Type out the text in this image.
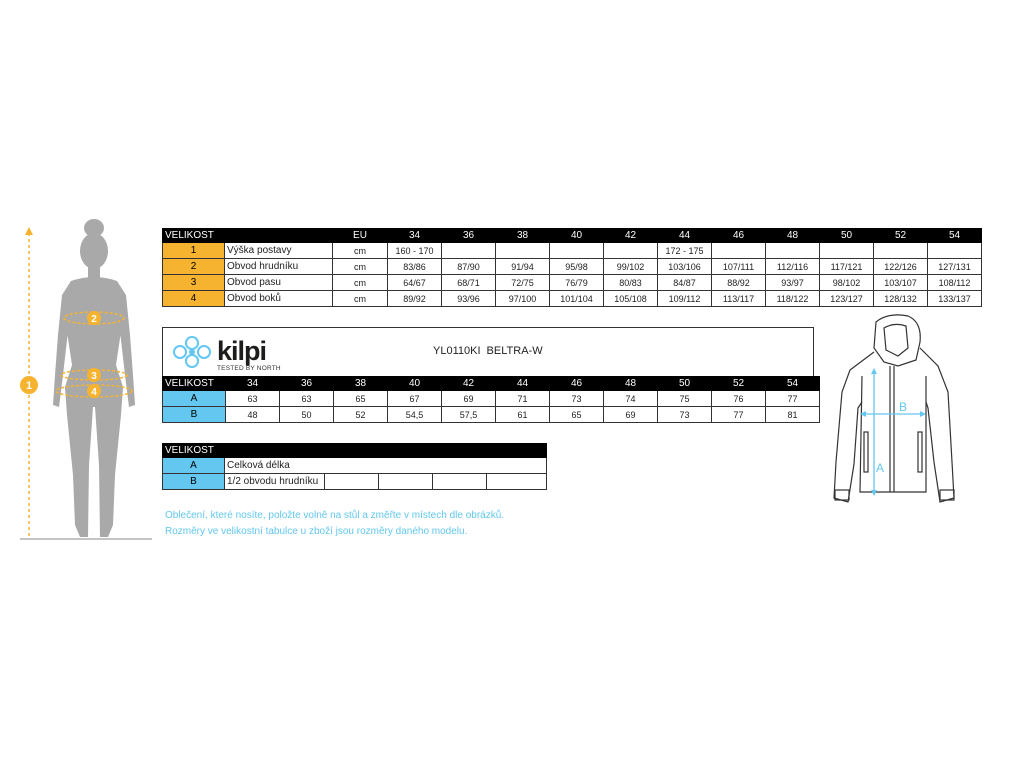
1
2
3
4
VELIKOST		EU	34	36	38	40	42	44	46	48	50	52	54
1	Výška postavy	cm	160 - 170					172 - 175					
2	Obvod hrudníku	cm	83/86	87/90	91/94	95/98	99/102	103/106	107/111	112/116	117/121	122/126	127/131
3	Obvod pasu	cm	64/67	68/71	72/75	76/79	80/83	84/87	88/92	93/97	98/102	103/107	108/112
4	Obvod boků	cm	89/92	93/96	97/100	101/104	105/108	109/112	113/117	118/122	123/127	128/132	133/137
kilpi
TESTED BY NORTH
YL0110KI BELTRA-W
VELIKOST	34	36	38	40	42	44	46	48	50	52	54
A	63	63	65	67	69	71	73	74	75	76	77
B	48	50	52	54,5	57,5	61	65	69	73	77	81
VELIKOST					
A	Celková délka				
B	1/2 obvodu hrudníku				
Oblečení, které nosíte, položte volně na stůl a změřte v místech dle obrázků.
Rozměry ve velikostní tabulce u zboží jsou rozměry daného modelu.
A
B
